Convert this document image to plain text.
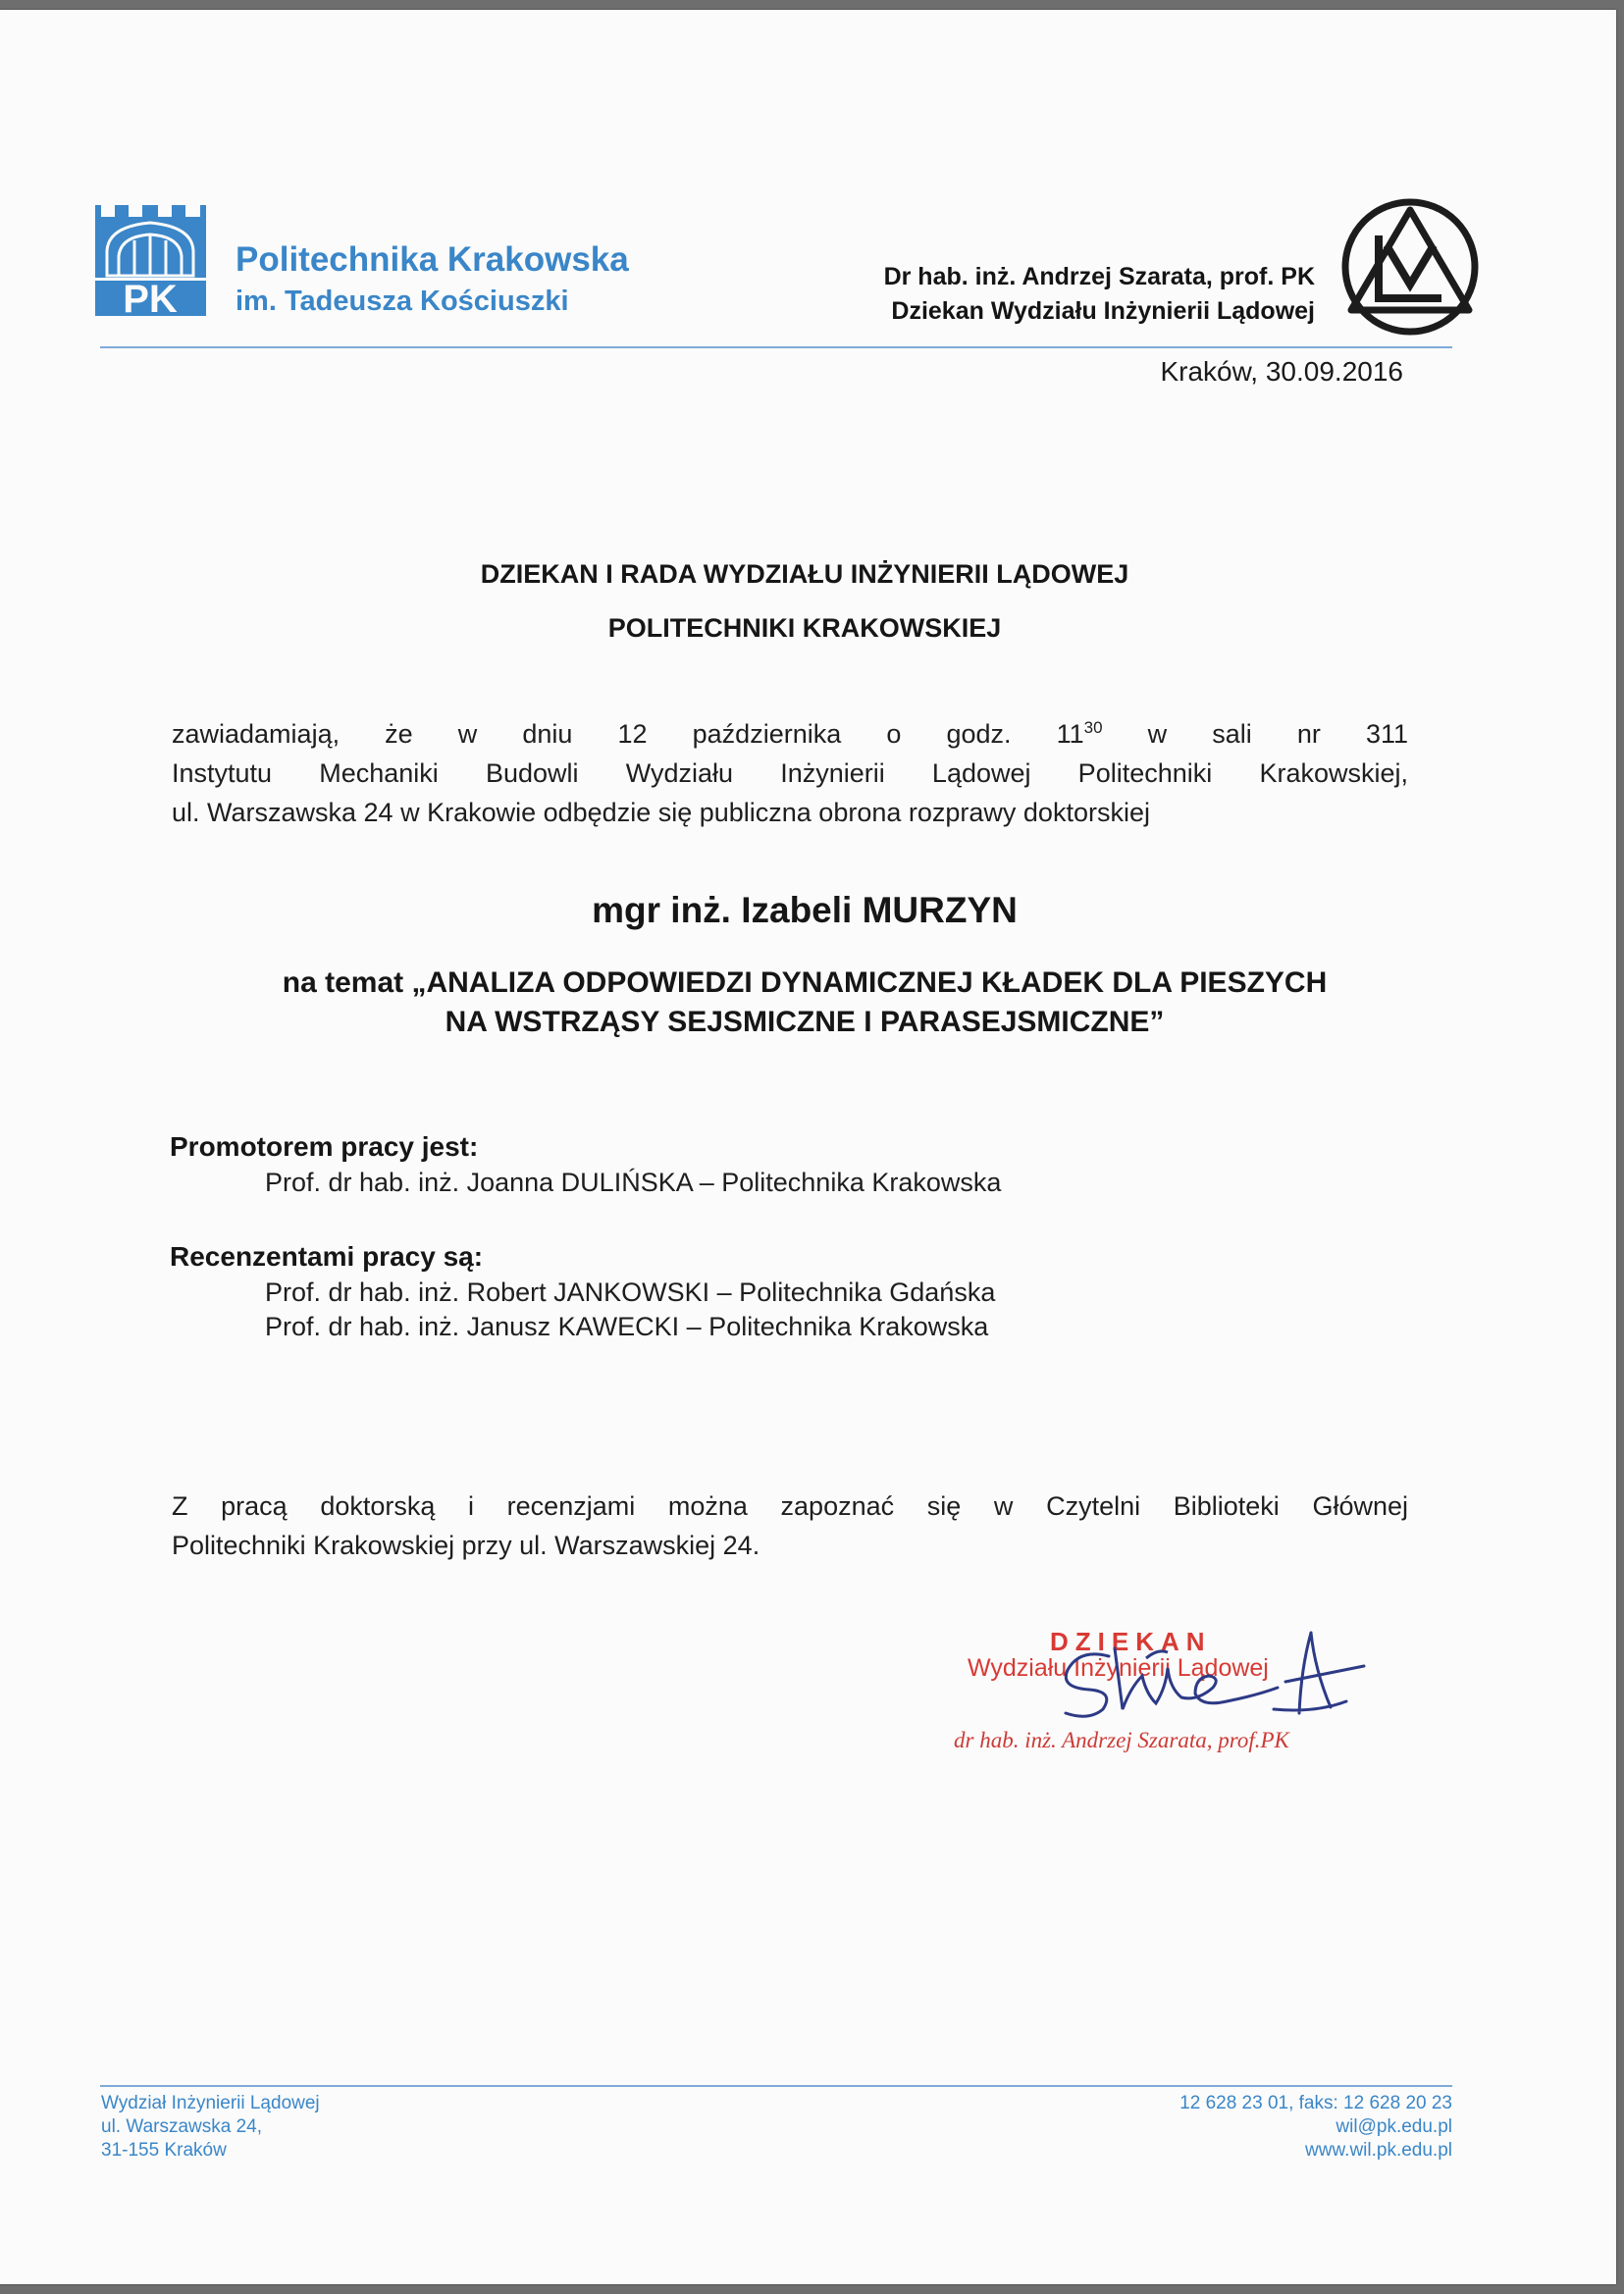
PK
Politechnika Krakowska
im. Tadeusza Kościuszki
Dr hab. inż. Andrzej Szarata, prof. PK
Dziekan Wydziału Inżynierii Lądowej
Kraków, 30.09.2016
DZIEKAN I RADA WYDZIAŁU INŻYNIERII LĄDOWEJ
POLITECHNIKI KRAKOWSKIEJ
zawiadamiają, że w dniu 12 października o godz. $11^{30}$ w sali nr 311
Instytutu Mechaniki Budowli Wydziału Inżynierii Lądowej Politechniki Krakowskiej,
ul. Warszawska 24 w Krakowie odbędzie się publiczna obrona rozprawy doktorskiej
mgr inż. Izabeli MURZYN
na temat „ANALIZA ODPOWIEDZI DYNAMICZNEJ KŁADEK DLA PIESZYCH
NA WSTRZĄSY SEJSMICZNE I PARASEJSMICZNE”
Promotorem pracy jest:
Prof. dr hab. inż. Joanna DULIŃSKA – Politechnika Krakowska
Recenzentami pracy są:
Prof. dr hab. inż. Robert JANKOWSKI – Politechnika Gdańska
Prof. dr hab. inż. Janusz KAWECKI – Politechnika Krakowska
Z pracą doktorską i recenzjami można zapoznać się w Czytelni Biblioteki Głównej
Politechniki Krakowskiej przy ul. Warszawskiej 24.
DZIEKAN
Wydziału Inżynierii Lądowej
dr hab. inż. Andrzej Szarata, prof.PK
Wydział Inżynierii Lądowej
ul. Warszawska 24,
31-155 Kraków
12 628 23 01, faks: 12 628 20 23
wil@pk.edu.pl
www.wil.pk.edu.pl
